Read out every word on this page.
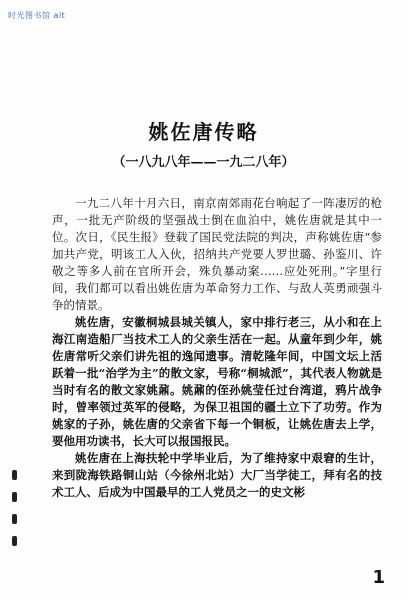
时光图书馆 ait
姚佐唐传略
（一八九八年——一九二八年）

一九二八年十月六日，南京南郊雨花台响起了一阵凄厉的枪声，一批无产阶级的坚强战士倒在血泊中，姚佐唐就是其中一位。次日，《民生报》登载了国民党法院的判决，声称姚佐唐“参加共产党，明该工人入伙，招纳共产党要人罗世璐、孙鉴川、许敬之等多人前在官所开会，殊负暴动案……应处死刑。”字里行间，我们都可以看出姚佐唐为革命努力工作、与敌人英勇顽强斗争的情景。

姚佐唐，安徽桐城县城关镇人，家中排行老三，从小和在上海江南造船厂当技术工人的父亲生活在一起。从童年到少年，姚佐唐常听父亲们讲先祖的逸闻遗事。清乾隆年间，中国文坛上活跃着一批“治学为主”的散文家，号称“桐城派”，其代表人物就是当时有名的散文家姚鼐。姚鼐的侄孙姚莹任过台湾道，鸦片战争时，曾率领过英军的侵略，为保卫祖国的疆土立下了功劳。作为姚家的子孙，姚佐唐的父亲省下每一个铜板，让姚佐唐去上学，要他用功读书，长大可以报国报民。

姚佐唐在上海扶轮中学毕业后，为了维持家中艰窘的生计，来到陇海铁路铜山站（今徐州北站）大厂当学徒工，拜有名的技术工人、后成为中国最早的工人党员之一的史文彬

1
